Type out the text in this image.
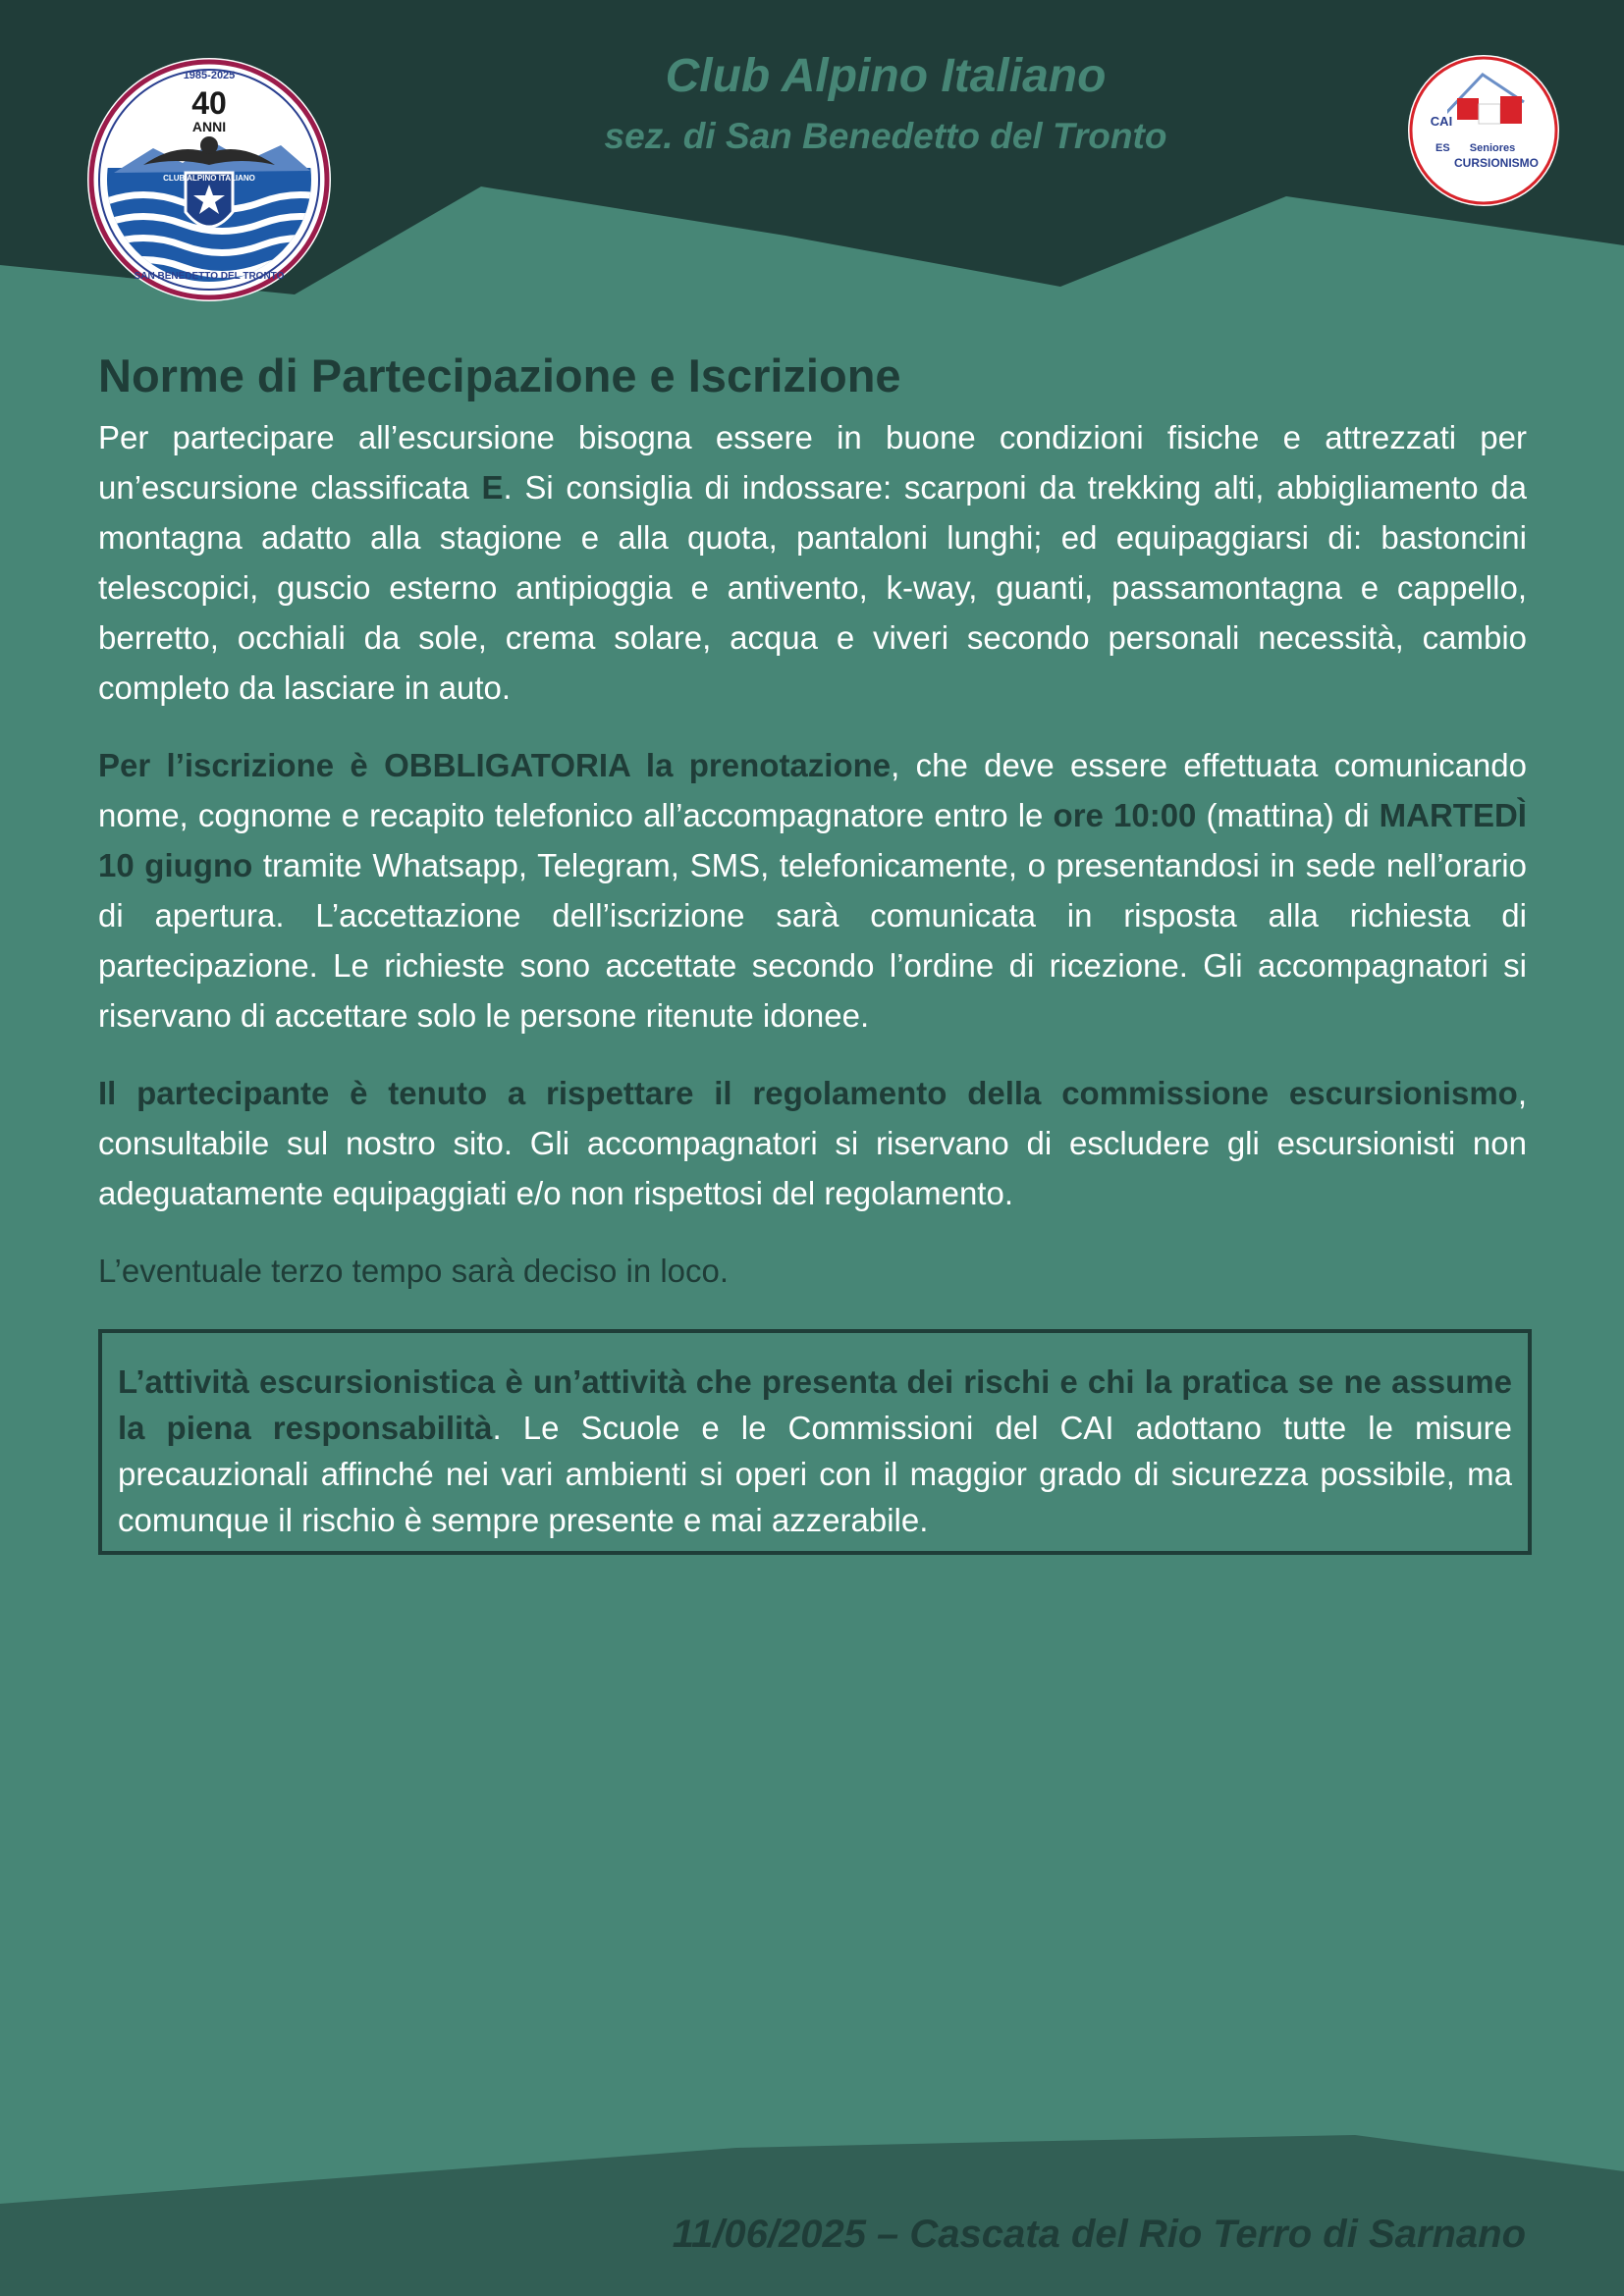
1985-2025
40
ANNI
CLUB ALPINO ITALIANO
SAN BENEDETTO DEL TRONTO
CAI
ES Seniores
CURSIONISMO
Club Alpino Italiano
sez. di San Benedetto del Tronto
Norme di Partecipazione e Iscrizione

Per partecipare all’escursione bisogna essere in buone condizioni fisiche e attrezzati per un’escursione classificata E. Si consiglia di indossare: scarponi da trekking alti, abbigliamento da montagna adatto alla stagione e alla quota, pantaloni lunghi; ed equipaggiarsi di: bastoncini telescopici, guscio esterno antipioggia e antivento, k-way, guanti, passamontagna e cappello, berretto, occhiali da sole, crema solare, acqua e viveri secondo personali necessità, cambio completo da lasciare in auto.

Per l’iscrizione è OBBLIGATORIA la prenotazione, che deve essere effettuata comunicando nome, cognome e recapito telefonico all’accompagnatore entro le ore 10:00 (mattina) di MARTEDÌ 10 giugno tramite Whatsapp, Telegram, SMS, telefonicamente, o presentandosi in sede nell’orario di apertura. L’accettazione dell’iscrizione sarà comunicata in risposta alla richiesta di partecipazione. Le richieste sono accettate secondo l’ordine di ricezione. Gli accompagnatori si riservano di accettare solo le persone ritenute idonee.

Il partecipante è tenuto a rispettare il regolamento della commissione escursionismo, consultabile sul nostro sito. Gli accompagnatori si riservano di escludere gli escursionisti non adeguatamente equipaggiati e/o non rispettosi del regolamento.

L’eventuale terzo tempo sarà deciso in loco.

L’attività escursionistica è un’attività che presenta dei rischi e chi la pratica se ne assume la piena responsabilità. Le Scuole e le Commissioni del CAI adottano tutte le misure precauzionali affinché nei vari ambienti si operi con il maggior grado di sicurezza possibile, ma comunque il rischio è sempre presente e mai azzerabile.

11/06/2025 – Cascata del Rio Terro di Sarnano
